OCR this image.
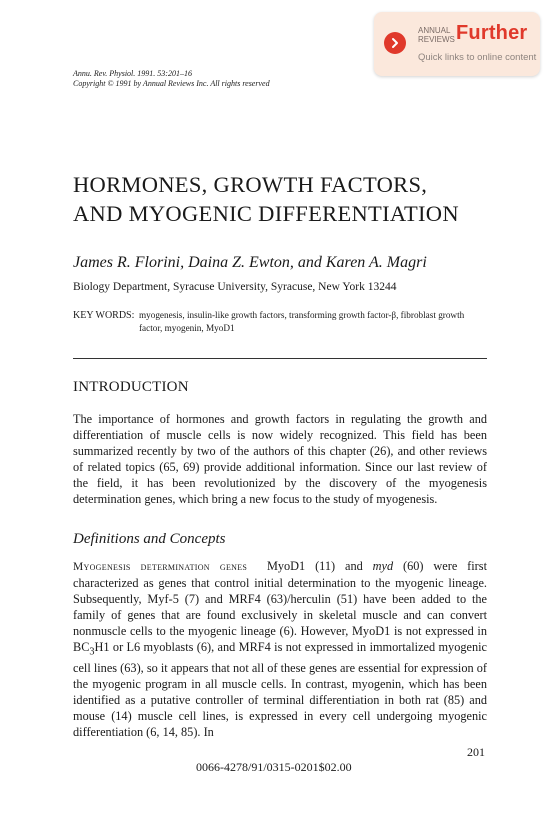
ANNUAL
REVIEWS Further
Quick links to online content
Annu. Rev. Physiol. 1991. 53:201–16
Copyright © 1991 by Annual Reviews Inc. All rights reserved
HORMONES, GROWTH FACTORS,
AND MYOGENIC DIFFERENTIATION
James R. Florini, Daina Z. Ewton, and Karen A. Magri
Biology Department, Syracuse University, Syracuse, New York 13244
KEY WORDS: myogenesis, insulin-like growth factors, transforming growth factor-β, fibroblast growth factor, myogenin, MyoD1
INTRODUCTION

The importance of hormones and growth factors in regulating the growth and differentiation of muscle cells is now widely recognized. This field has been summarized recently by two of the authors of this chapter (26), and other reviews of related topics (65, 69) provide additional information. Since our last review of the field, it has been revolutionized by the discovery of the myogenesis determination genes, which bring a new focus to the study of myogenesis.

Definitions and Concepts

Myogenesis determination genes MyoD1 (11) and myd (60) were first characterized as genes that control initial determination to the myogenic lineage. Subsequently, Myf-5 (7) and MRF4 (63)/herculin (51) have been added to the family of genes that are found exclusively in skeletal muscle and can convert nonmuscle cells to the myogenic lineage (6). However, MyoD1 is not expressed in $BC_3H1$ or L6 myoblasts (6), and MRF4 is not expressed in immortalized myogenic cell lines (63), so it appears that not all of these genes are essential for expression of the myogenic program in all muscle cells. In contrast, myogenin, which has been identified as a putative controller of terminal differentiation in both rat (85) and mouse (14) muscle cell lines, is expressed in every cell undergoing myogenic differentiation (6, 14, 85). In

201
0066-4278/91/0315-0201$02.00
